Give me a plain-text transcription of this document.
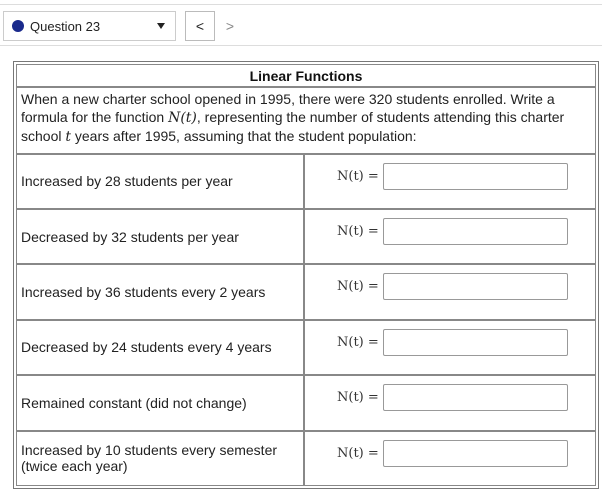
Question 23	< >
Linear Functions	
When a new charter school opened in 1995, there were 320 students enrolled. Write a formula for the function N(t), representing the number of students attending this charter school t years after 1995, assuming that the student population:	
Increased by 28 students per year	N(t) =

Decreased by 32 students per year	N(t) =

Increased by 36 students every 2 years	N(t) =

Decreased by 24 students every 4 years	N(t) =

Remained constant (did not change)	N(t) =

Increased by 10 students every semester (twice each year)	N(t) =
